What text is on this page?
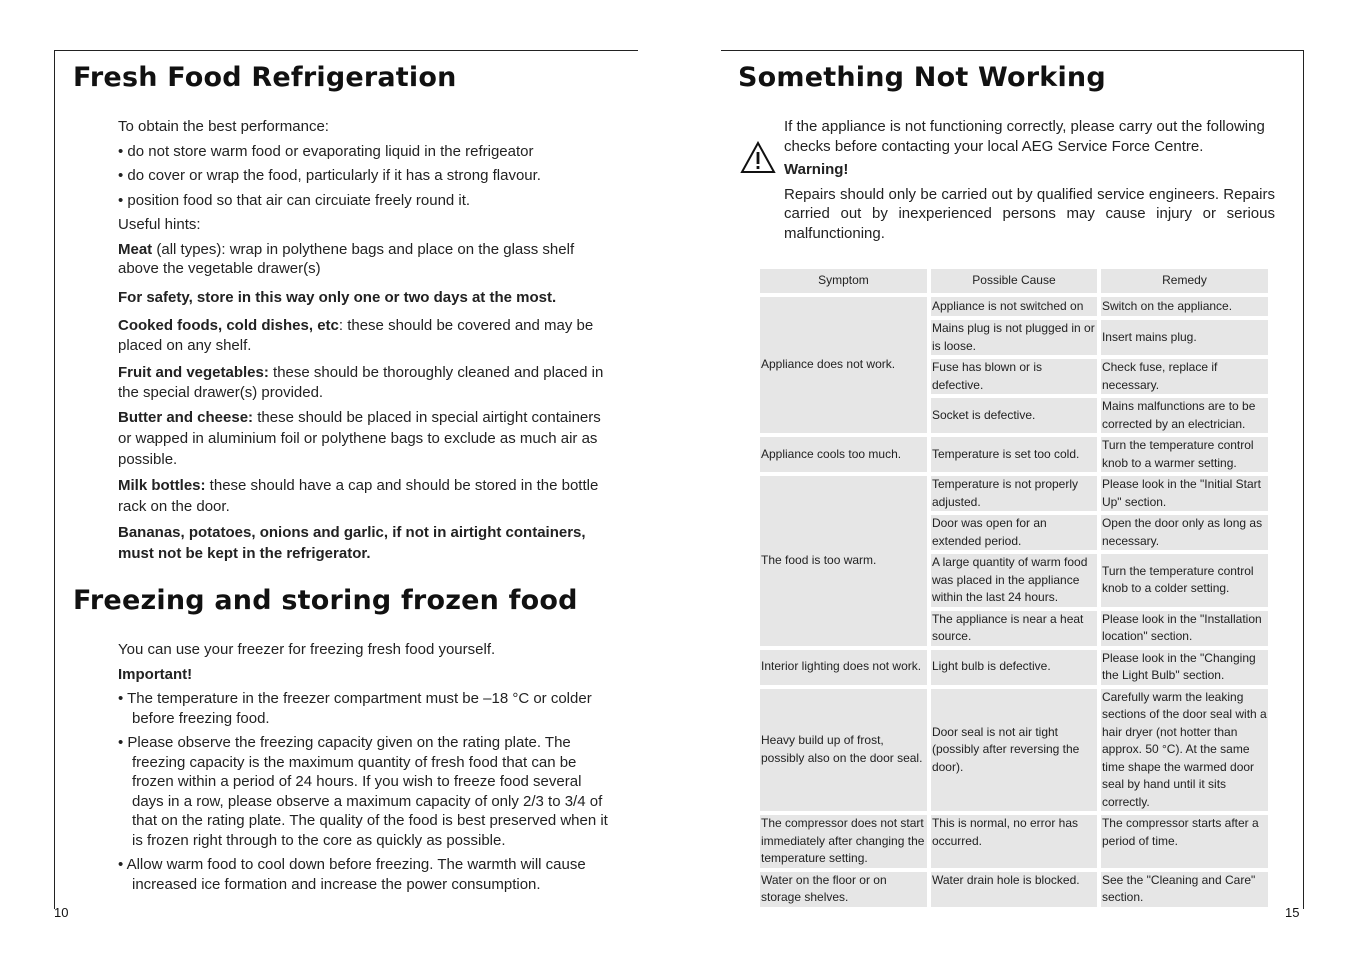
Fresh Food Refrigeration

To obtain the best performance:

• do not store warm food or evaporating liquid in the refrigeator

• do cover or wrap the food, particularly if it has a strong flavour.

• position food so that air can circuiate freely round it.

Useful hints:

Meat (all types): wrap in polythene bags and place on the glass shelf above the vegetable drawer(s)

For safety, store in this way only one or two days at the most.

Cooked foods, cold dishes, etc: these should be covered and may be placed on any shelf.

Fruit and vegetables: these should be thoroughly cleaned and placed in the special drawer(s) provided.

Butter and cheese: these should be placed in special airtight containers or wapped in aluminium foil or polythene bags to exclude as much air as possible.

Milk bottles: these should have a cap and should be stored in the bottle rack on the door.

Bananas, potatoes, onions and garlic, if not in airtight containers, must not be kept in the refrigerator.

Freezing and storing frozen food

You can use your freezer for freezing fresh food yourself.

Important!

• The temperature in the freezer compartment must be –18 °C or colder before freezing food.

• Please observe the freezing capacity given on the rating plate. The freezing capacity is the maximum quantity of fresh food that can be frozen within a period of 24 hours. If you wish to freeze food several days in a row, please observe a maximum capacity of only 2/3 to 3/4 of that on the rating plate. The quality of the food is best preserved when it is frozen right through to the core as quickly as possible.

• Allow warm food to cool down before freezing. The warmth will cause increased ice formation and increase the power consumption.

10
Something Not Working

If the appliance is not functioning correctly, please carry out the following checks before contacting your local AEG Service Force Centre.

Warning!

Repairs should only be carried out by qualified service engineers. Repairs carried out by inexperienced persons may cause injury or serious malfunctioning.

Symptom	Possible Cause	Remedy
Appliance does not work.	Appliance is not switched on	Switch on the appliance.
	Mains plug is not plugged in or is loose.	Insert mains plug.
	Fuse has blown or is defective.	Check fuse, replace if necessary.
	Socket is defective.	Mains malfunctions are to be corrected by an electrician.
Appliance cools too much.	Temperature is set too cold.	Turn the temperature control knob to a warmer setting.
The food is too warm.	Temperature is not properly adjusted.	Please look in the "Initial Start Up" section.
	Door was open for an extended period.	Open the door only as long as necessary.
	A large quantity of warm food was placed in the appliance within the last 24 hours.	Turn the temperature control knob to a colder setting.
	The appliance is near a heat source.	Please look in the "Installation location" section.
Interior lighting does not work.	Light bulb is defective.	Please look in the "Changing the Light Bulb" section.
Heavy build up of frost, possibly also on the door seal.	Door seal is not air tight (possibly after reversing the door).	Carefully warm the leaking sections of the door seal with a hair dryer (not hotter than approx. 50 °C). At the same time shape the warmed door seal by hand until it sits correctly.
The compressor does not start immediately after changing the temperature setting.	This is normal, no error has occurred.	The compressor starts after a period of time.
Water on the floor or on storage shelves.	Water drain hole is blocked.	See the "Cleaning and Care" section.
15
